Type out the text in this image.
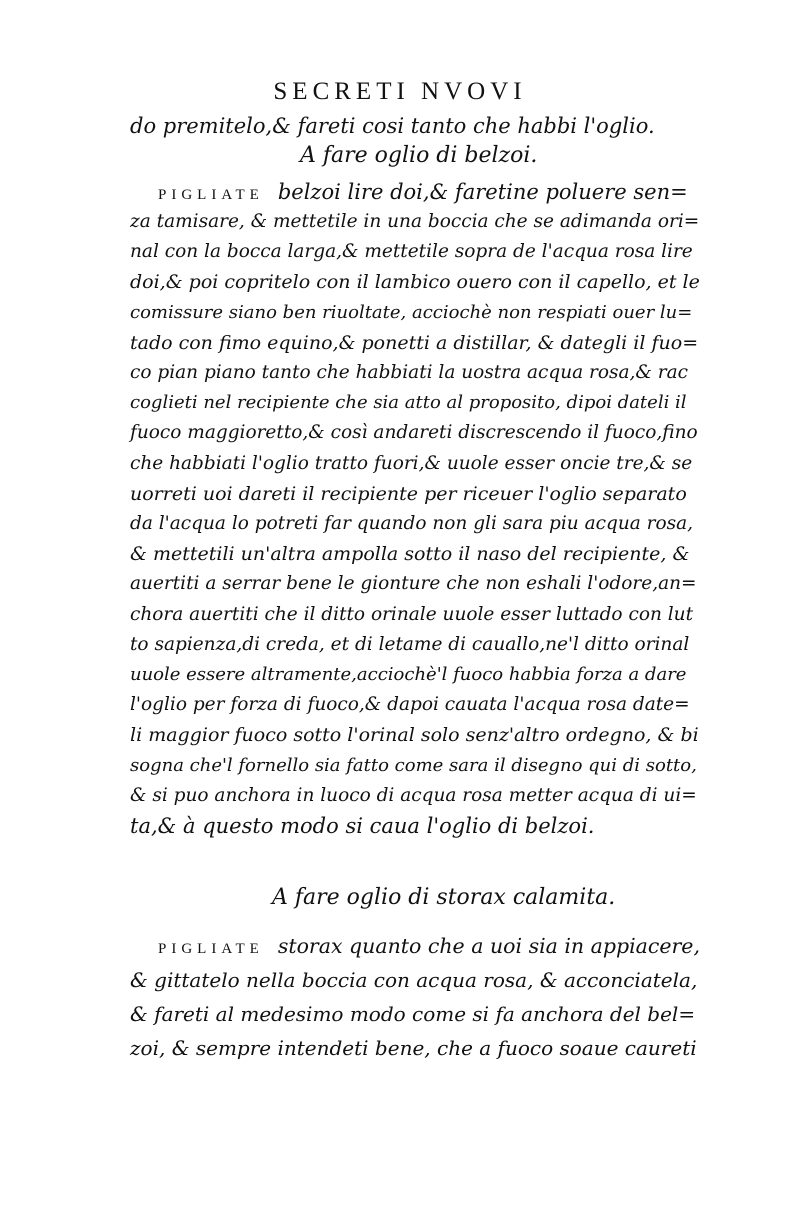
SECRETI NVOVI
do premitelo,& fareti cosi tanto che habbi l'oglio.
A fare oglio di belzoi.
PIGLIATE belzoi lire doi,& faretine poluere sen=
za tamisare, & mettetile in una boccia che se adimanda ori=
nal con la bocca larga,& mettetile sopra de l'acqua rosa lire
doi,& poi copritelo con il lambico ouero con il capello, et le
comissure siano ben riuoltate, acciochè non respiati ouer lu=
tado con fimo equino,& ponetti a distillar, & dategli il fuo=
co pian piano tanto che habbiati la uostra acqua rosa,& rac
coglieti nel recipiente che sia atto al proposito, dipoi dateli il
fuoco maggioretto,& così andareti discrescendo il fuoco,fino
che habbiati l'oglio tratto fuori,& uuole esser oncie tre,& se
uorreti uoi dareti il recipiente per riceuer l'oglio separato
da l'acqua lo potreti far quando non gli sara piu acqua rosa,
& mettetili un'altra ampolla sotto il naso del recipiente, &
auertiti a serrar bene le gionture che non eshali l'odore,an=
chora auertiti che il ditto orinale uuole esser luttado con lut
to sapienza,di creda, et di letame di cauallo,ne'l ditto orinal
uuole essere altramente,acciochè'l fuoco habbia forza a dare
l'oglio per forza di fuoco,& dapoi cauata l'acqua rosa date=
li maggior fuoco sotto l'orinal solo senz'altro ordegno, & bi
sogna che'l fornello sia fatto come sara il disegno qui di sotto,
& si puo anchora in luoco di acqua rosa metter acqua di ui=
ta,& à questo modo si caua l'oglio di belzoi.
A fare oglio di storax calamita.
PIGLIATE storax quanto che a uoi sia in appiacere,
& gittatelo nella boccia con acqua rosa, & acconciatela,
& fareti al medesimo modo come si fa anchora del bel=
zoi, & sempre intendeti bene, che a fuoco soaue caureti
